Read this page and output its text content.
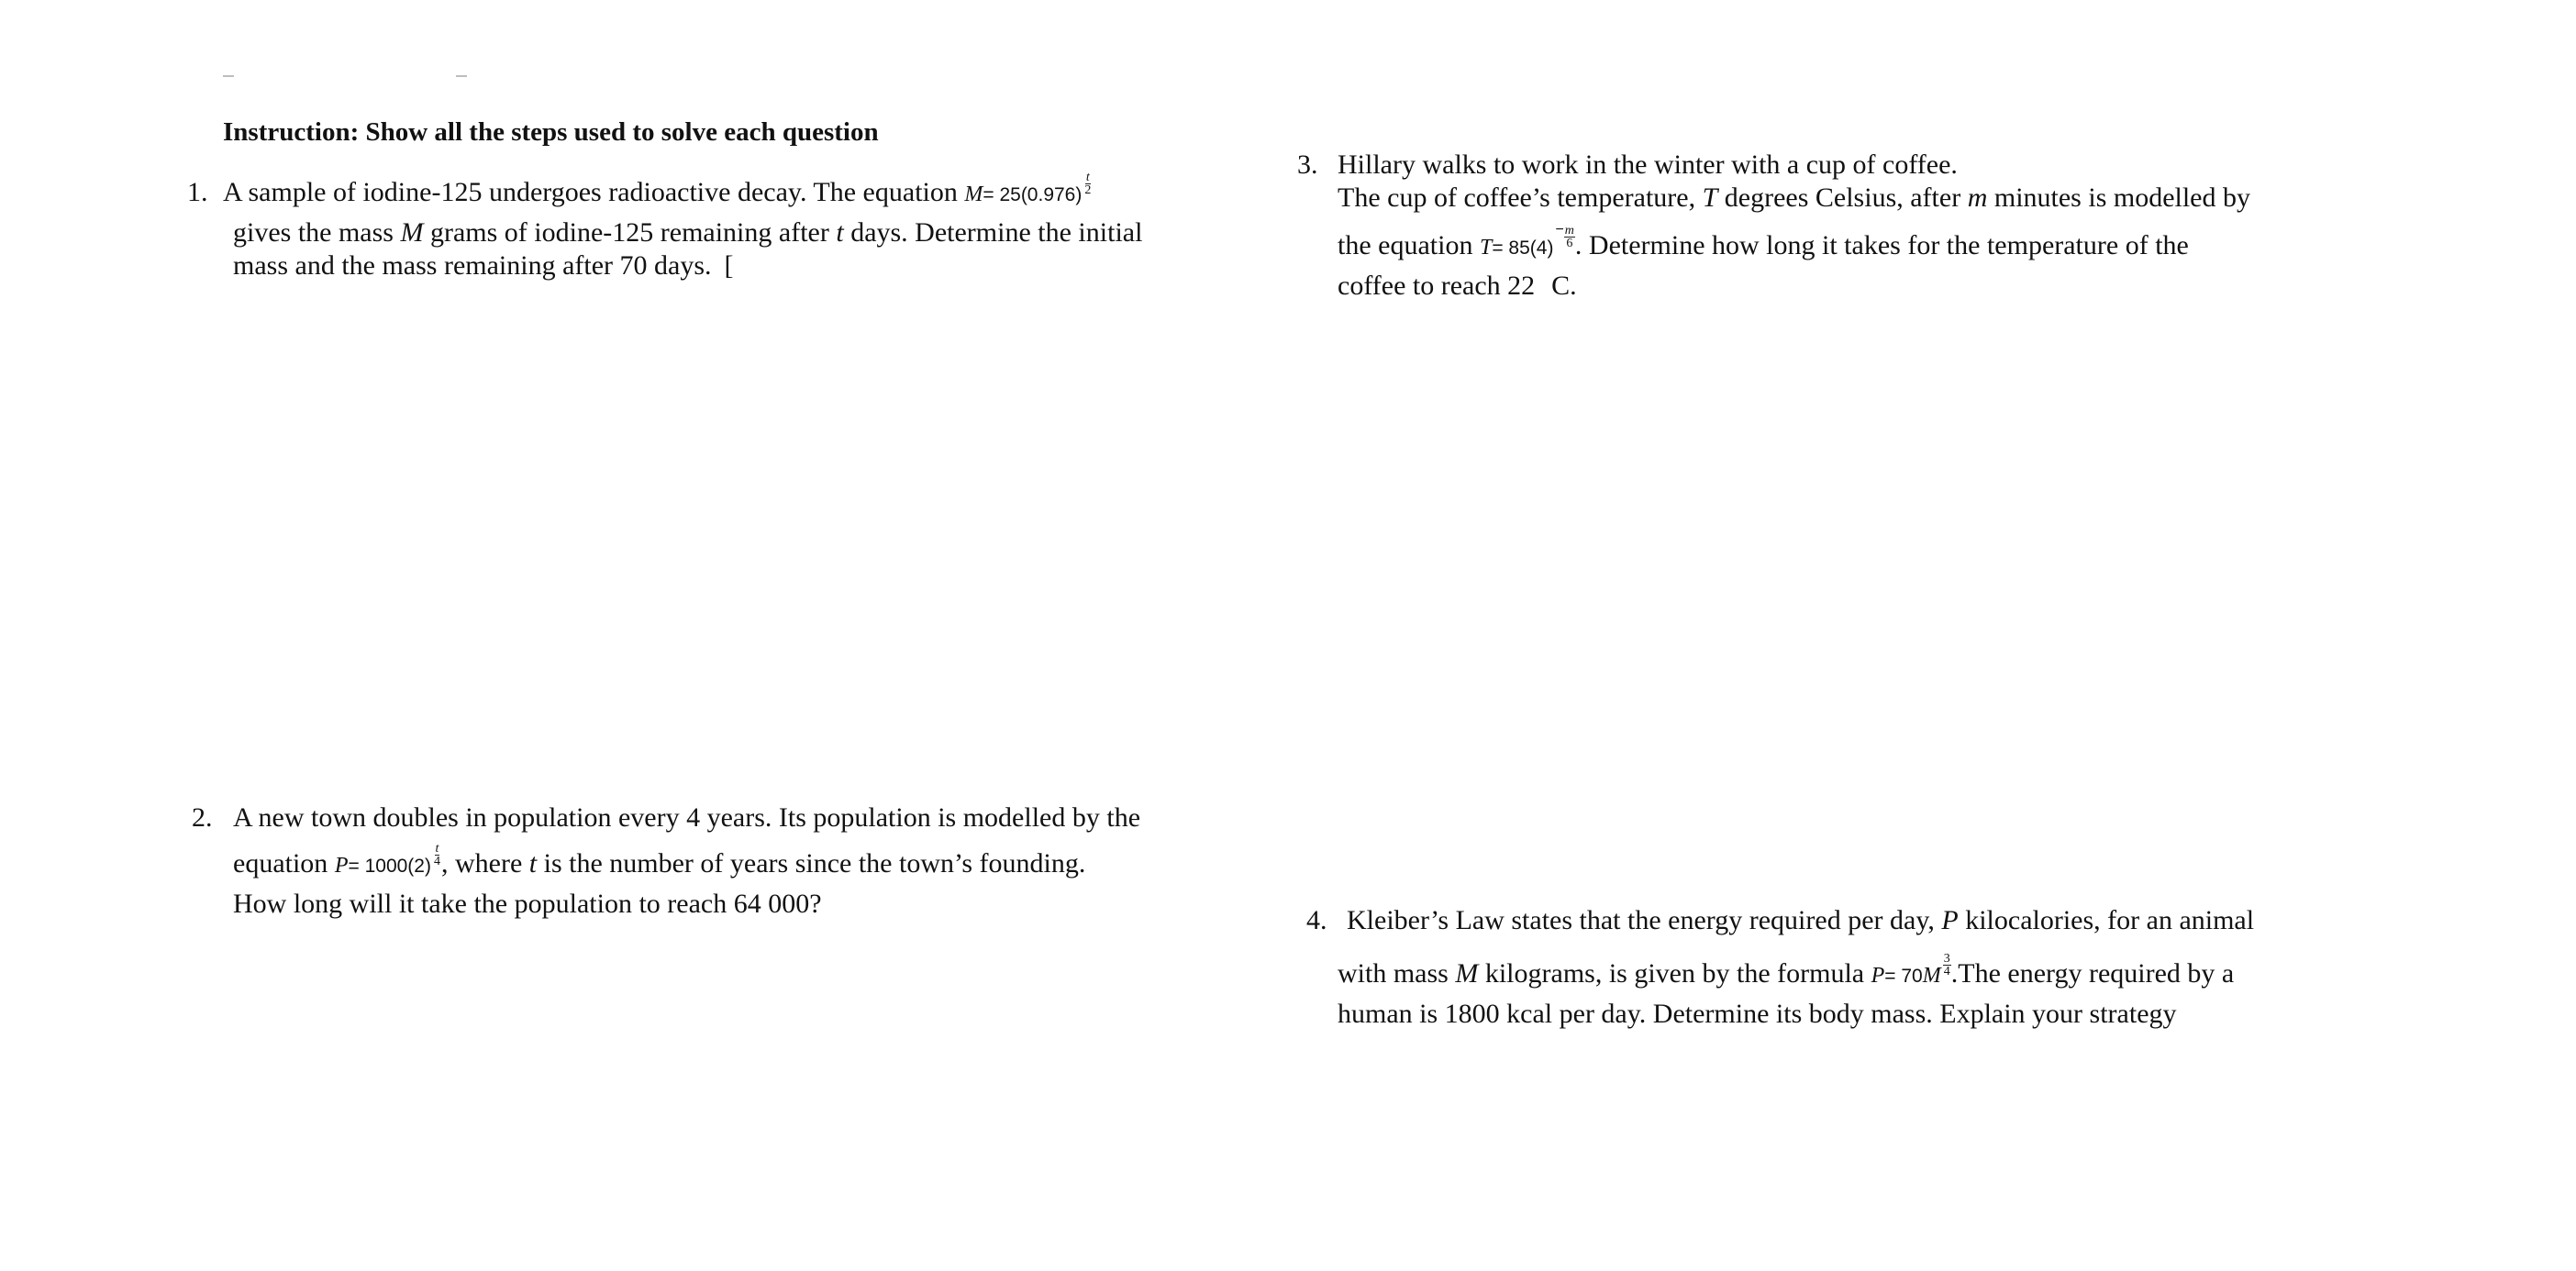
Instruction: Show all the steps used to solve each question
1. A sample of iodine-125 undergoes radioactive decay. The equation $M= 25(0.976) \frac{t}{2}$
gives the mass M grams of iodine-125 remaining after t days. Determine the initial
mass and the mass remaining after 70 days. [
2. A new town doubles in population every 4 years. Its population is modelled by the
equation $P= 1000(2) \frac{t}{4}$ , where t is the number of years since the town’s founding.
How long will it take the population to reach 64 000?
3. Hillary walks to work in the winter with a cup of coffee.
The cup of coffee’s temperature, T degrees Celsius, after m minutes is modelled by
the equation $T= 85(4)^- \frac{m}{6}$ . Determine how long it takes for the temperature of the
coffee to reach 22 C.
4. Kleiber’s Law states that the energy required per day, P kilocalories, for an animal
with mass M kilograms, is given by the formula $P= 70M \frac{3}{4} .The$ energy required by a
human is 1800 kcal per day. Determine its body mass. Explain your strategy
